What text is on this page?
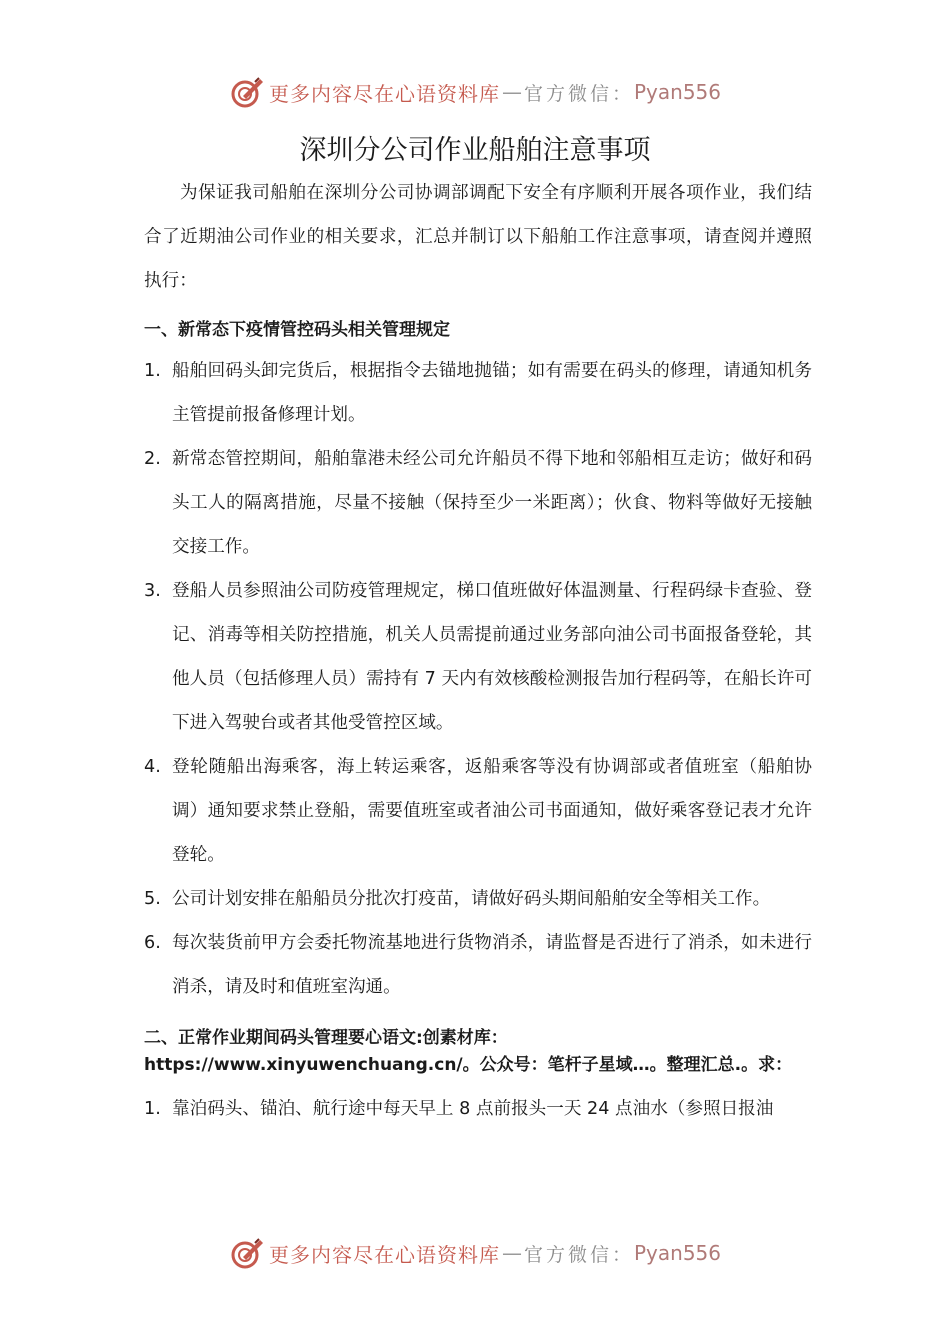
更多内容尽在心语资料库 — 官方微信： Pyan556
深圳分公司作业船舶注意事项

为保证我司船舶在深圳分公司协调部调配下安全有序顺利开展各项作业，我们结合了近期油公司作业的相关要求，汇总并制订以下船舶工作注意事项，请查阅并遵照执行：

一、新常态下疫情管控码头相关管理规定
1. 船舶回码头卸完货后，根据指令去锚地抛锚；如有需要在码头的修理，请通知机务主管提前报备修理计划。
2. 新常态管控期间，船舶靠港未经公司允许船员不得下地和邻船相互走访；做好和码头工人的隔离措施，尽量不接触（保持至少一米距离）；伙食、物料等做好无接触交接工作。
3. 登船人员参照油公司防疫管理规定，梯口值班做好体温测量、行程码绿卡查验、登记、消毒等相关防控措施，机关人员需提前通过业务部向油公司书面报备登轮，其他人员（包括修理人员）需持有 7 天内有效核酸检测报告加行程码等，在船长许可下进入驾驶台或者其他受管控区域。
4. 登轮随船出海乘客，海上转运乘客，返船乘客等没有协调部或者值班室（船舶协调）通知要求禁止登船，需要值班室或者油公司书面通知，做好乘客登记表才允许登轮。
5. 公司计划安排在船船员分批次打疫苗，请做好码头期间船舶安全等相关工作。
6. 每次装货前甲方会委托物流基地进行货物消杀，请监督是否进行了消杀，如未进行消杀，请及时和值班室沟通。
二、正常作业期间码头管理要心语文:创素材库：https://www.xinyuwenchuang.cn/。公众号：笔杆子星域…。整理汇总.。求：
1. 靠泊码头、锚泊、航行途中每天早上 8 点前报头一天 24 点油水（参照日报油
更多内容尽在心语资料库 — 官方微信： Pyan556
